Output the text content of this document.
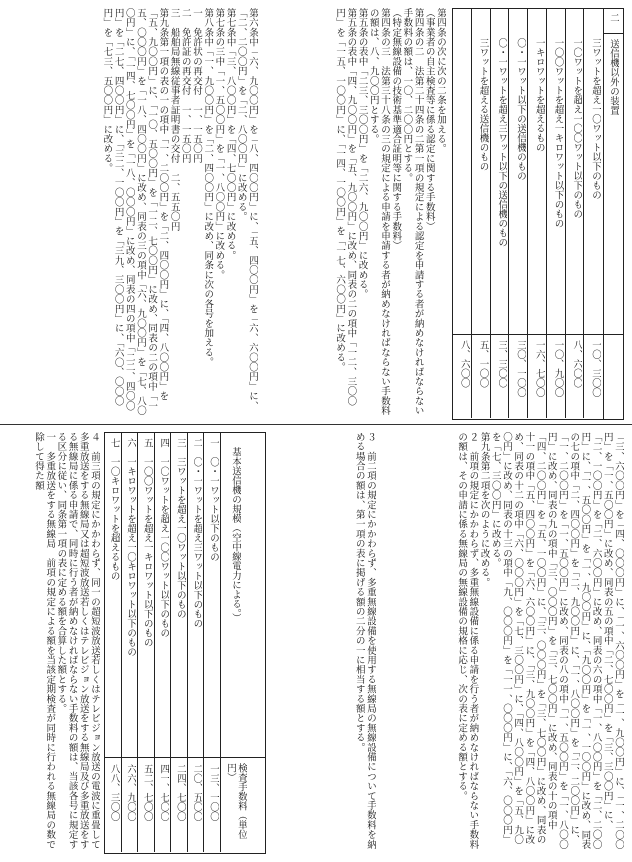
二
送信機以外の装置
三ワットを超え一〇ワット以下のもの
一〇、三〇〇
一〇ワットを超え一〇〇ワット以下のもの
八、六〇〇
一〇〇ワットを超え一キロワット以下のもの
一〇、九〇〇
一キロワットを超えるもの
一六、七〇〇
〇・一ワット以下の送信機のもの
三〇、一〇〇
〇・一ワットを超え三ワット以下の送信機のもの
三、三〇〇
三ワットを超える送信機のもの
五、一〇〇
八、六〇〇
第四条の次に次の二条を加える。
（事業者の自主検査等に係る認定に関する手数料）
第四条の二　法第二十四条の二第一項の規定による認定を申請する者が納めなければならない手数料の額は、一〇、二〇〇円とする。
（特定無線設備の技術基準適合証明等に関する手数料）
第四条の三　法第三十八条の三の規定による申請を申請する者が納めなければならない手数料の額は、八、九〇〇円とする。
第五条の表中「二三、三〇〇円」を「二六、九〇〇円」に改める。
第五条の表中「四、九〇〇円」を「五、九〇〇円」に改め、同表の二の項中「一二、三〇〇円」を「一五、一〇〇円」に、「一四、一〇〇円」を「一七、六〇〇円」に改める。
第六条中「六、九〇〇円」を「八、四〇〇円」に、「五、四〇〇円」を「六、六〇〇円」に、「二、二〇〇円」を「二、八〇〇円」に改める。
第七条中「三、八〇〇円」を「四、七〇〇円」に改める。
第七条の三中「一、五〇〇円」を「一、八〇〇円」に改める。
第八条中「一、九〇〇円」を「二、四〇〇円」に改め、同条に次の各号を加える。
一　免許状の再交付　一、一五〇円
二　免許証の再交付　一、一五〇円
三　船舶局無線従事者証明書の交付　二、五五〇円
第九条第一項の表の一の項中「一、二〇〇円」を「二、四〇〇円」に、「四、八〇〇円」を「五、九〇〇円」に、「一〇、五〇〇円」を「一二、七〇〇円」に改め、同表の二の項中「一五、〇〇〇円」を「一八、四〇〇円」に改め、同表の三の項中「六、九〇〇円」を「七、八〇〇円」に、「一四、七〇〇円」を「一八、〇〇〇円」に改め、同表の四の項中「二二、四〇〇円」を「二七、四〇〇円」に、「三二、一〇〇円」を「三九、三〇〇円」に、「六〇、〇〇〇円」を「七三、五〇〇円」に改める。
「三、六〇〇円」を「四、〇〇〇円」に、「一、六〇〇円」を「一、九〇〇円」に、「一、二〇〇円」を「一、五〇〇円」に改め、同表の五の項中「二、七〇〇円」を「三、三〇〇円」に、「二、一〇〇円」を「二、六〇〇円」に改め、同表の六の項中「一、八〇〇円」を「二、二〇〇円」に、「一、五〇〇円」を「一、九〇〇円」に、「九〇〇円」を「一、一〇〇円」に改め、同表の七の項中「二、四〇〇円」を「二、九〇〇円」に、「一、八〇〇円」を「二、二〇〇円」に、「一、二〇〇円」を「一、五〇〇円」に改め、同表の八の項中「一、五〇〇円」を「一、八〇〇円」に改め、同表の九の項中「三、〇〇〇円」を「三、七〇〇円」に改め、同表の十の項中「四、二〇〇円」を「五、一〇〇円」に、「三、〇〇〇円」を「三、七〇〇円」に改め、同表の十一の項中「五、四〇〇円」を「六、六〇〇円」に、「三、九〇〇円」を「四、八〇〇円」に改め、同表の十二の項中「六、〇〇〇円」を「七、三〇〇円」に、「四、八〇〇円」を「五、九〇〇円」に改め、同表の十三の項中「九、〇〇〇円」を「一一、〇〇〇円」に、「六、〇〇〇円」を「七、三〇〇円」に改める。
第九条第二項を次のように改める。
２　前項の規定にかかわらず、多重無線設備に係る申請を行う者が納めなければならない手数料の額は、その申請に係る無線局の無線設備の規格に応じ、次の表に定める額とする。
３　前二項の規定にかかわらず、多重無線設備を使用する無線局の無線設備について手数料を納める場合の額は、第一項の表に掲げる額の二分の一に相当する額とする。
基本送信機の規模（空中線電力による。）
検査手数料（単位円）
一　〇・一ワット以下のもの
一三、一〇〇
二　〇・一ワットを超え三ワット以下のもの
二〇、五〇〇
三　三ワットを超え一〇ワット以下のもの
二四、七〇〇
四　一〇ワットを超え一〇〇ワット以下のもの
四一、七〇〇
五　一〇〇ワットを超え一キロワット以下のもの
五二、七〇〇
六　一キロワットを超え一〇キロワット以下のもの
六六、九〇〇
七　一〇キロワットを超えるもの
八八、三〇〇
４　前三項の規定にかかわらず、同一の超短波放送若しくはテレビジョン放送の電波に重畳して多重放送をする無線局又は超短波放送若しくはテレビジョン放送をする無線局及び多重放送をする無線局に係る申請で、同時に行う者が納めなければならない手数料の額は、当該各号に規定する区分に従い、同条第一項の表に定める額を合算した額とする。
一　多重放送をする無線局　前項の規定による額を当該定期検査が同時に行われる無線局の数で除して得た額
